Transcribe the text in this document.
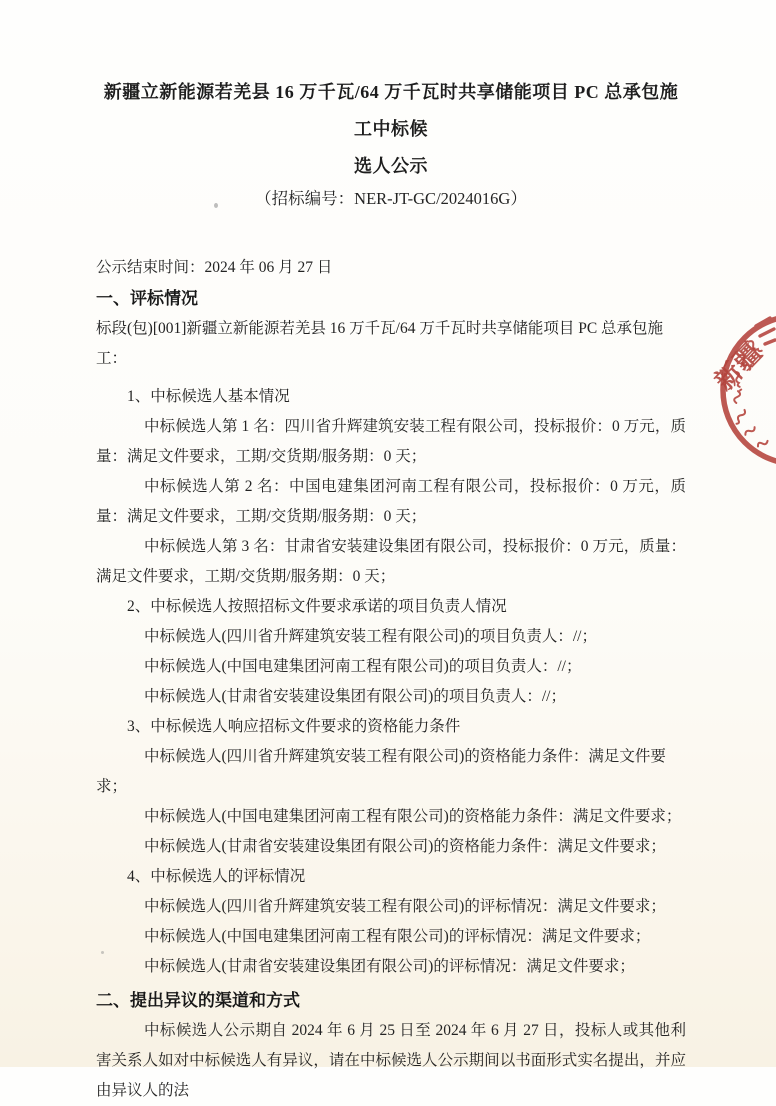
新疆立新能源若羌县 16 万千瓦/64 万千瓦时共享储能项目 PC 总承包施工中标候
选人公示
（招标编号：NER-JT-GC/2024016G）
公示结束时间：2024 年 06 月 27 日
一、评标情况

标段(包)[001]新疆立新能源若羌县 16 万千瓦/64 万千瓦时共享储能项目 PC 总承包施工：

1、中标候选人基本情况

中标候选人第 1 名：四川省升辉建筑安装工程有限公司，投标报价：0 万元，质量：满足文件要求，工期/交货期/服务期：0 天；

中标候选人第 2 名：中国电建集团河南工程有限公司，投标报价：0 万元，质量：满足文件要求，工期/交货期/服务期：0 天；

中标候选人第 3 名：甘肃省安装建设集团有限公司，投标报价：0 万元，质量：满足文件要求，工期/交货期/服务期：0 天；

2、中标候选人按照招标文件要求承诺的项目负责人情况

中标候选人(四川省升辉建筑安装工程有限公司)的项目负责人：//；

中标候选人(中国电建集团河南工程有限公司)的项目负责人：//；

中标候选人(甘肃省安装建设集团有限公司)的项目负责人：//；

3、中标候选人响应招标文件要求的资格能力条件

中标候选人(四川省升辉建筑安装工程有限公司)的资格能力条件：满足文件要求；

中标候选人(中国电建集团河南工程有限公司)的资格能力条件：满足文件要求；

中标候选人(甘肃省安装建设集团有限公司)的资格能力条件：满足文件要求；

4、中标候选人的评标情况

中标候选人(四川省升辉建筑安装工程有限公司)的评标情况：满足文件要求；

中标候选人(中国电建集团河南工程有限公司)的评标情况：满足文件要求；

中标候选人(甘肃省安装建设集团有限公司)的评标情况：满足文件要求；

二、提出异议的渠道和方式

中标候选人公示期自 2024 年 6 月 25 日至 2024 年 6 月 27 日，投标人或其他利害关系人如对中标候选人有异议，请在中标候选人公示期间以书面形式实名提出，并应由异议人的法

新疆
